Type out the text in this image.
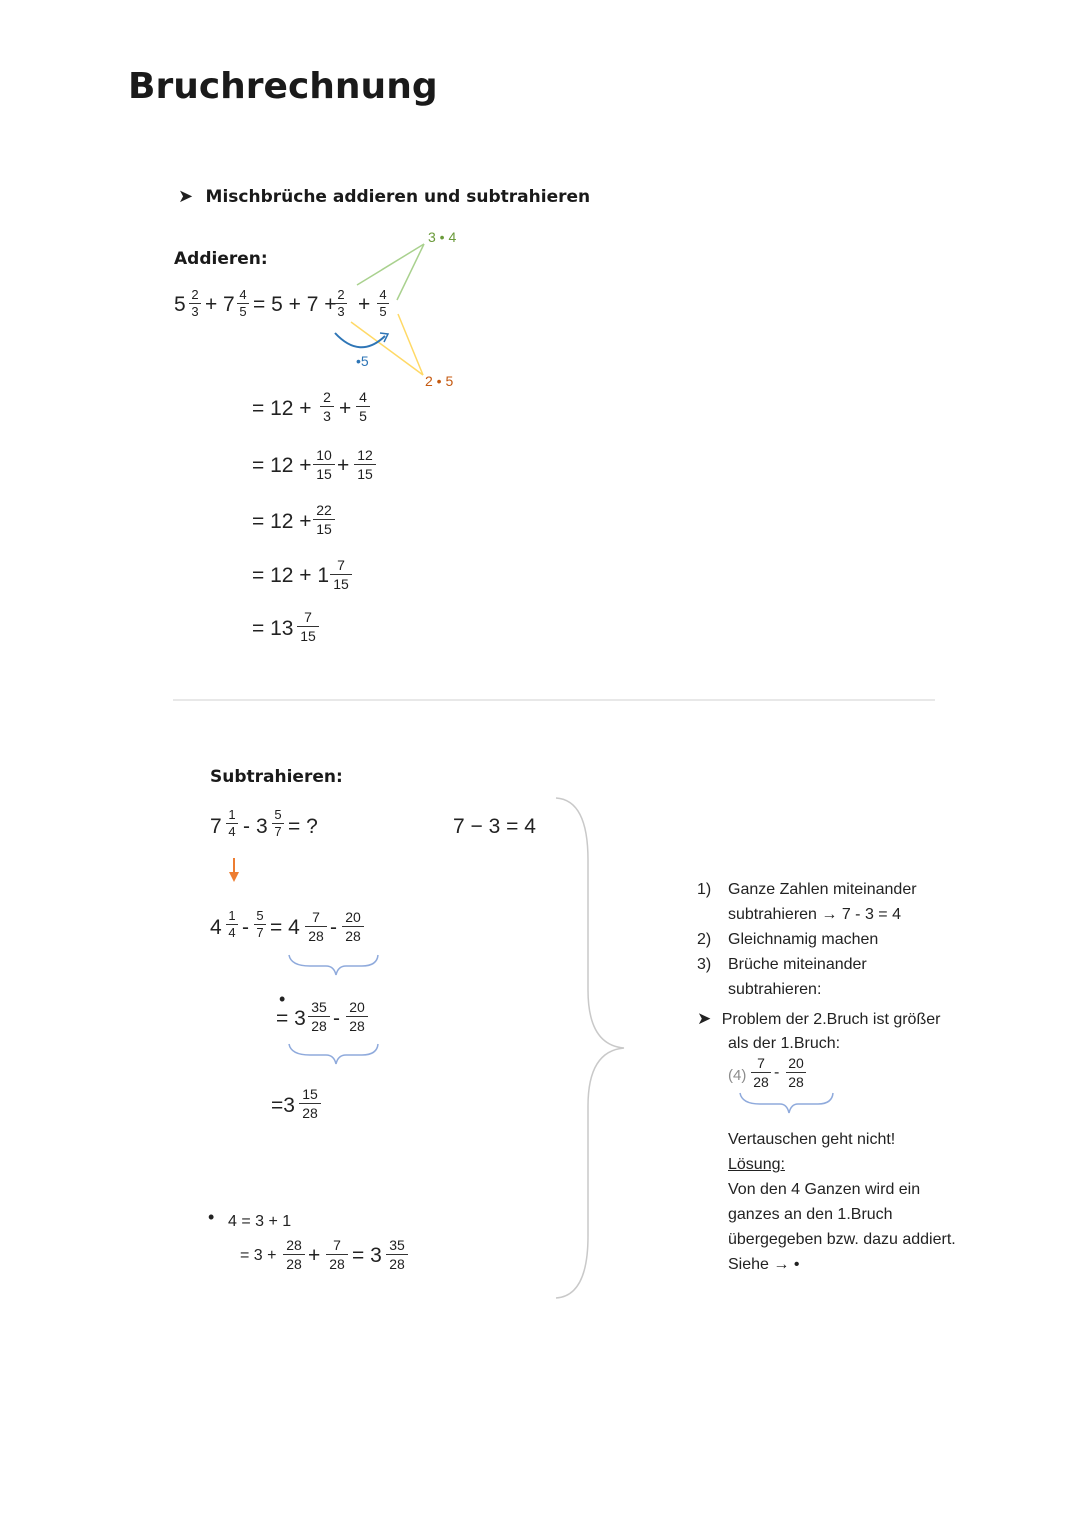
Bruchrechnung
➤ Mischbrüche addieren und subtrahieren
Addieren:
5 2
3 + 7 4
5 = 5 + 7 + 2
3 + 4
5
3 • 4
2 • 5
•5
= 12 + 2
3 + 4
5
= 12 + 10
15 + 12
15
= 12 + 22
15
= 12 + 1 7
15
= 13 7
15
Subtrahieren:
7
1
4 - 3
5
7 = ?	7 − 3 = 4
4
1
4 -
5
7 = 4 7
28 - 20
28
•
= 3 35
28 - 20
28
=3 15
28
• 4 = 3 + 1
= 3 +
28
28 + 7
28 = 3 35
28
1) Ganze Zahlen miteinander
subtrahieren → 7 - 3 = 4
2) Gleichnamig machen
3) Brüche miteinander
subtrahieren:
➤ Problem der 2.Bruch ist größer
als der 1.Bruch:
(4)
7
28
-
20
28
Vertauschen geht nicht!
Lösung:
Von den 4 Ganzen wird ein
ganzes an den 1.Bruch
übergegeben bzw. dazu addiert.
Siehe → •
